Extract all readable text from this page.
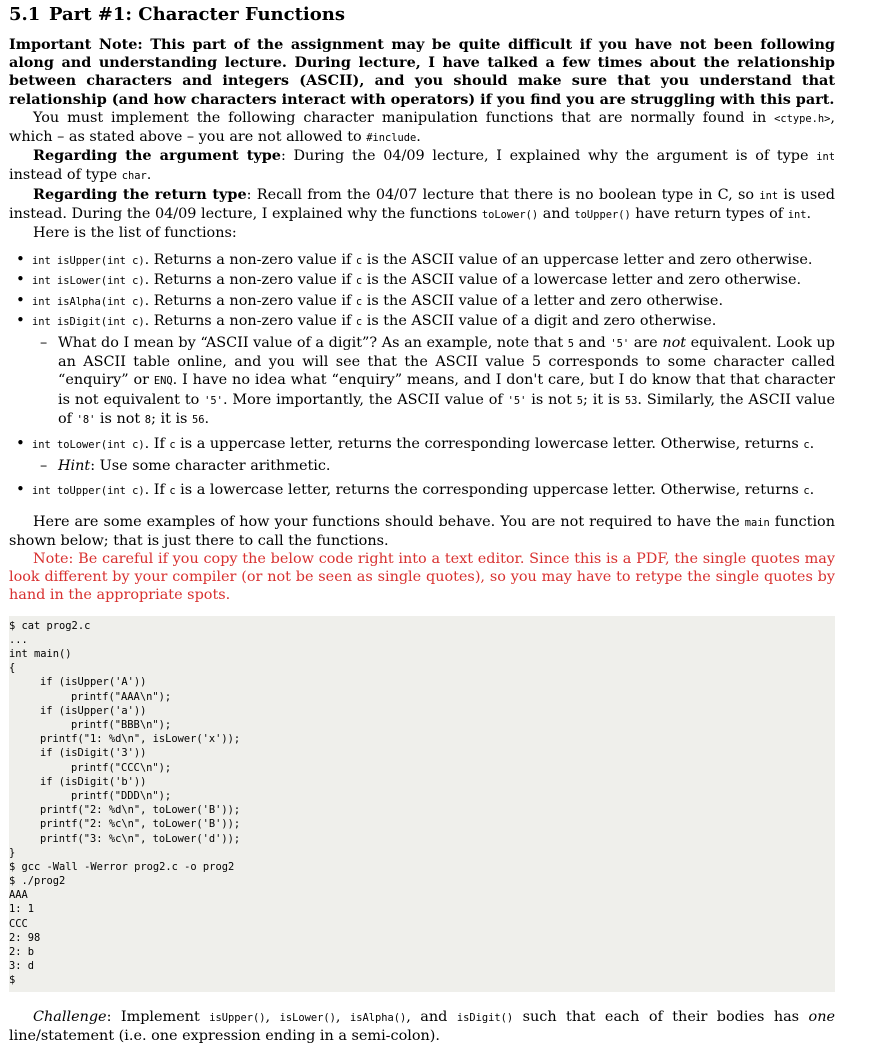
5.1 Part #1: Character Functions

Important Note: This part of the assignment may be quite difficult if you have not been following along and understanding lecture. During lecture, I have talked a few times about the relationship between characters and integers (ASCII), and you should make sure that you understand that relationship (and how characters interact with operators) if you find you are struggling with this part.

You must implement the following character manipulation functions that are normally found in <ctype.h>, which – as stated above – you are not allowed to #include.

Regarding the argument type: During the 04/09 lecture, I explained why the argument is of type int instead of type char.

Regarding the return type: Recall from the 04/07 lecture that there is no boolean type in C, so int is used instead. During the 04/09 lecture, I explained why the functions toLower() and toUpper() have return types of int.

Here is the list of functions:

• int isUpper(int c). Returns a non-zero value if c is the ASCII value of an uppercase letter and zero otherwise.
• int isLower(int c). Returns a non-zero value if c is the ASCII value of a lowercase letter and zero otherwise.
• int isAlpha(int c). Returns a non-zero value if c is the ASCII value of a letter and zero otherwise.
• int isDigit(int c). Returns a non-zero value if c is the ASCII value of a digit and zero otherwise.
– What do I mean by “ASCII value of a digit”? As an example, note that 5 and '5' are not equivalent. Look up an ASCII table online, and you will see that the ASCII value 5 corresponds to some character called “enquiry” or ENQ. I have no idea what “enquiry” means, and I don't care, but I do know that that character is not equivalent to '5'. More importantly, the ASCII value of '5' is not 5; it is 53. Similarly, the ASCII value of '8' is not 8; it is 56.
• int toLower(int c). If c is a uppercase letter, returns the corresponding lowercase letter. Otherwise, returns c.
– Hint: Use some character arithmetic.
• int toUpper(int c). If c is a lowercase letter, returns the corresponding uppercase letter. Otherwise, returns c.

Here are some examples of how your functions should behave. You are not required to have the main function shown below; that is just there to call the functions.

Note: Be careful if you copy the below code right into a text editor. Since this is a PDF, the single quotes may look different by your compiler (or not be seen as single quotes), so you may have to retype the single quotes by hand in the appropriate spots.

$ cat prog2.c
...
int main()
{
if (isUpper('A'))
printf("AAA\n");
if (isUpper('a'))
printf("BBB\n");
printf("1: %d\n", isLower('x'));
if (isDigit('3'))
printf("CCC\n");
if (isDigit('b'))
printf("DDD\n");
printf("2: %d\n", toLower('B'));
printf("2: %c\n", toLower('B'));
printf("3: %c\n", toLower('d'));
}
$ gcc -Wall -Werror prog2.c -o prog2
$ ./prog2
AAA
1: 1
CCC
2: 98
2: b
3: d
$

Challenge: Implement isUpper(), isLower(), isAlpha(), and isDigit() such that each of their bodies has one line/statement (i.e. one expression ending in a semi-colon).
